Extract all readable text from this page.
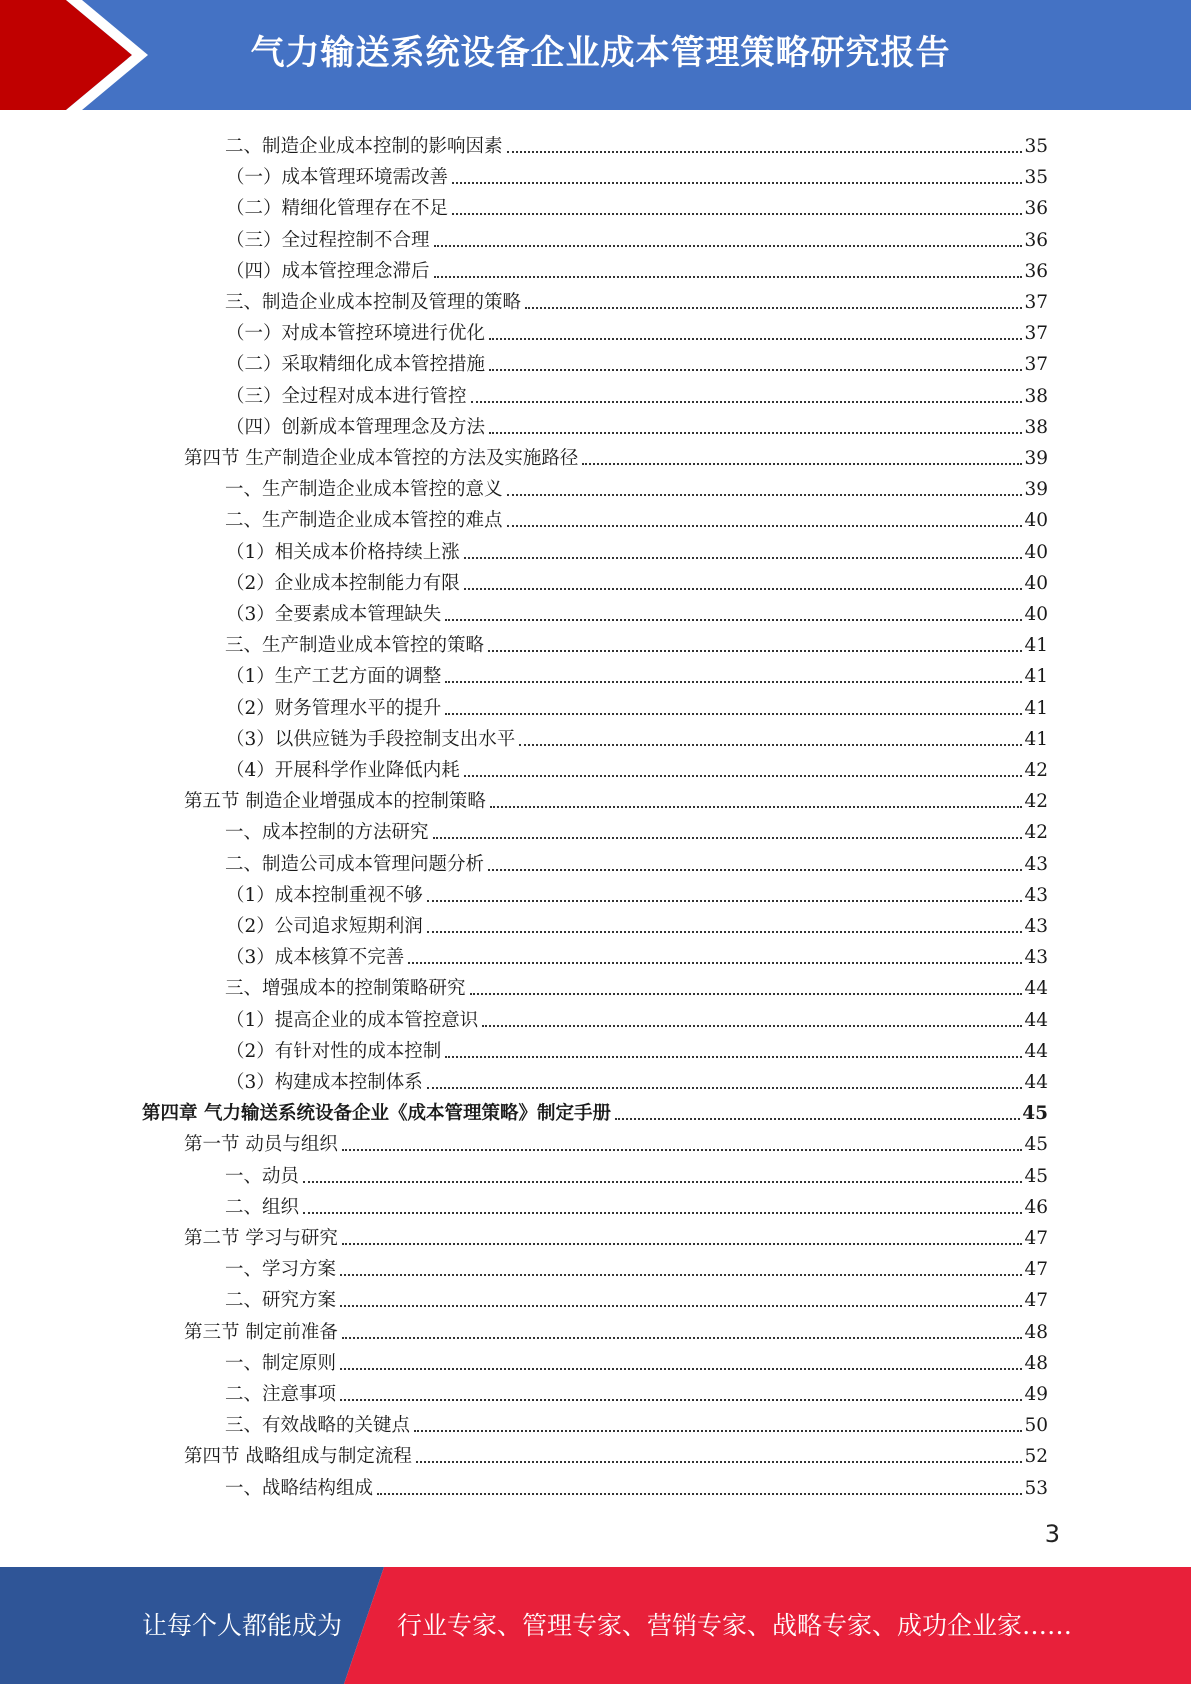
气力输送系统设备企业成本管理策略研究报告
二、制造企业成本控制的影响因素	35
（一）成本管理环境需改善	35
（二）精细化管理存在不足	36
（三）全过程控制不合理	36
（四）成本管控理念滞后	36
三、制造企业成本控制及管理的策略	37
（一）对成本管控环境进行优化	37
（二）采取精细化成本管控措施	37
（三）全过程对成本进行管控	38
（四）创新成本管理理念及方法	38
第四节 生产制造企业成本管控的方法及实施路径	39
一、生产制造企业成本管控的意义	39
二、生产制造企业成本管控的难点	40
（1）相关成本价格持续上涨	40
（2）企业成本控制能力有限	40
（3）全要素成本管理缺失	40
三、生产制造业成本管控的策略	41
（1）生产工艺方面的调整	41
（2）财务管理水平的提升	41
（3）以供应链为手段控制支出水平	41
（4）开展科学作业降低内耗	42
第五节 制造企业增强成本的控制策略	42
一、成本控制的方法研究	42
二、制造公司成本管理问题分析	43
（1）成本控制重视不够	43
（2）公司追求短期利润	43
（3）成本核算不完善	43
三、增强成本的控制策略研究	44
（1）提高企业的成本管控意识	44
（2）有针对性的成本控制	44
（3）构建成本控制体系	44
第四章 气力输送系统设备企业《成本管理策略》制定手册	45
第一节 动员与组织	45
一、动员	45
二、组织	46
第二节 学习与研究	47
一、学习方案	47
二、研究方案	47
第三节 制定前准备	48
一、制定原则	48
二、注意事项	49
三、有效战略的关键点	50
第四节 战略组成与制定流程	52
一、战略结构组成	53
3
让每个人都能成为 行业专家、管理专家、营销专家、战略专家、成功企业家……
